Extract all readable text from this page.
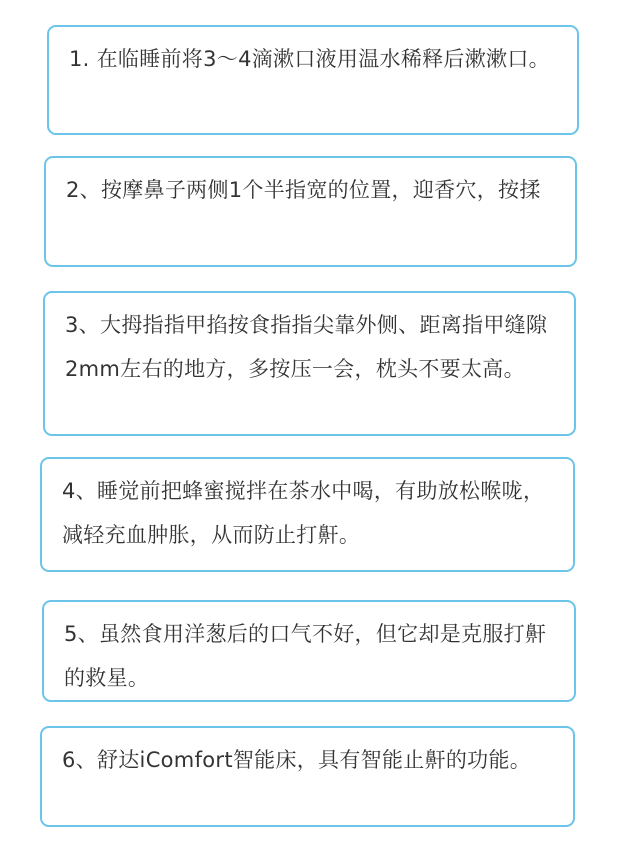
1. 在临睡前将3～4滴漱口液用温水稀释后漱漱口。
2、按摩鼻子两侧1个半指宽的位置，迎香穴，按揉
3、大拇指指甲掐按食指指尖靠外侧、距离指甲缝隙2mm左右的地方，多按压一会，枕头不要太高。
4、睡觉前把蜂蜜搅拌在茶水中喝，有助放松喉咙，减轻充血肿胀，从而防止打鼾。
5、虽然食用洋葱后的口气不好，但它却是克服打鼾的救星。
6、舒达iComfort智能床，具有智能止鼾的功能。
